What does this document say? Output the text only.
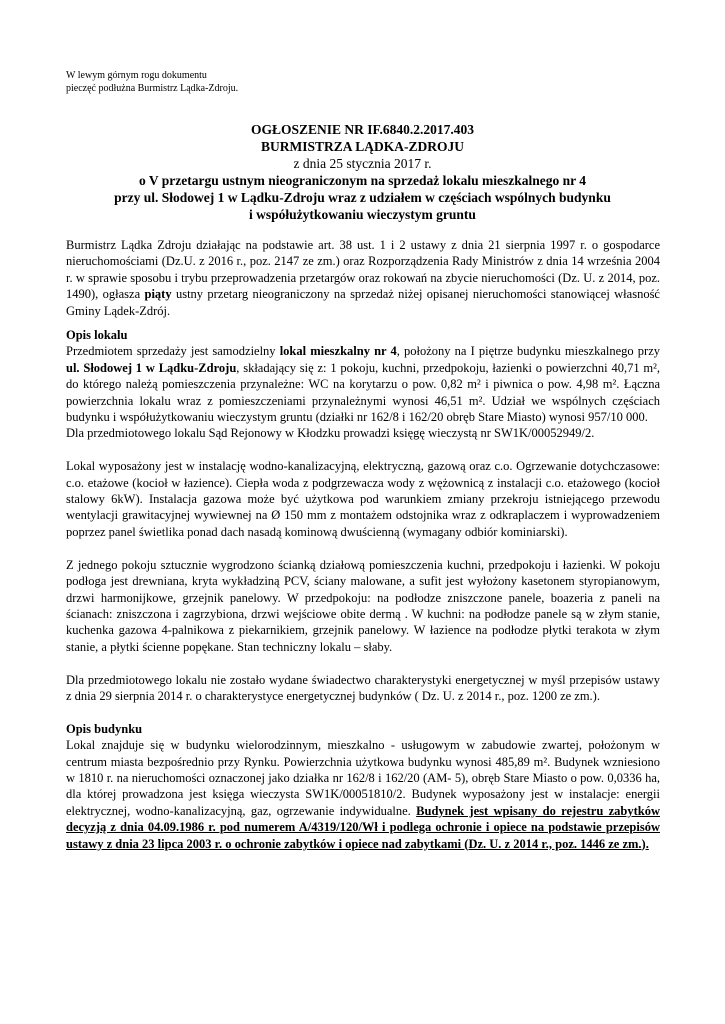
W lewym górnym rogu dokumentu
pieczęć podłużna Burmistrz Lądka-Zdroju.
OGŁOSZENIE NR IF.6840.2.2017.403
BURMISTRZA LĄDKA-ZDROJU
z dnia 25 stycznia 2017 r.
o V przetargu ustnym nieograniczonym na sprzedaż lokalu mieszkalnego nr 4
przy ul. Słodowej 1 w Lądku-Zdroju wraz z udziałem w częściach wspólnych budynku
i współużytkowaniu wieczystym gruntu

Burmistrz Lądka Zdroju działając na podstawie art. 38 ust. 1 i 2 ustawy z dnia 21 sierpnia 1997 r. o gospodarce nieruchomościami (Dz.U. z 2016 r., poz. 2147 ze zm.) oraz Rozporządzenia Rady Ministrów z dnia 14 września 2004 r. w sprawie sposobu i trybu przeprowadzenia przetargów oraz rokowań na zbycie nieruchomości (Dz. U. z 2014, poz. 1490), ogłasza piąty ustny przetarg nieograniczony na sprzedaż niżej opisanej nieruchomości stanowiącej własność Gminy Lądek-Zdrój.

Opis lokalu

Przedmiotem sprzedaży jest samodzielny lokal mieszkalny nr 4, położony na I piętrze budynku mieszkalnego przy ul. Słodowej 1 w Lądku-Zdroju, składający się z: 1 pokoju, kuchni, przedpokoju, łazienki o powierzchni 40,71 m², do którego należą pomieszczenia przynależne: WC na korytarzu o pow. 0,82 m² i piwnica o pow. 4,98 m². Łączna powierzchnia lokalu wraz z pomieszczeniami przynależnymi wynosi 46,51 m². Udział we wspólnych częściach budynku i współużytkowaniu wieczystym gruntu (działki nr 162/8 i 162/20 obręb Stare Miasto) wynosi 957/10 000.

Dla przedmiotowego lokalu Sąd Rejonowy w Kłodzku prowadzi księgę wieczystą nr SW1K/00052949/2.

Lokal wyposażony jest w instalację wodno-kanalizacyjną, elektryczną, gazową oraz c.o. Ogrzewanie dotychczasowe: c.o. etażowe (kocioł w łazience). Ciepła woda z podgrzewacza wody z wężownicą z instalacji c.o. etażowego (kocioł stalowy 6kW). Instalacja gazowa może być użytkowa pod warunkiem zmiany przekroju istniejącego przewodu wentylacji grawitacyjnej wywiewnej na Ø 150 mm z montażem odstojnika wraz z odkraplaczem i wyprowadzeniem poprzez panel świetlika ponad dach nasadą kominową dwuścienną (wymagany odbiór kominiarski).

Z jednego pokoju sztucznie wygrodzono ścianką działową pomieszczenia kuchni, przedpokoju i łazienki. W pokoju podłoga jest drewniana, kryta wykładziną PCV, ściany malowane, a sufit jest wyłożony kasetonem styropianowym, drzwi harmonijkowe, grzejnik panelowy. W przedpokoju: na podłodze zniszczone panele, boazeria z paneli na ścianach: zniszczona i zagrzybiona, drzwi wejściowe obite dermą . W kuchni: na podłodze panele są w złym stanie, kuchenka gazowa 4-palnikowa z piekarnikiem, grzejnik panelowy. W łazience na podłodze płytki terakota w złym stanie, a płytki ścienne popękane. Stan techniczny lokalu – słaby.

Dla przedmiotowego lokalu nie zostało wydane świadectwo charakterystyki energetycznej w myśl przepisów ustawy z dnia 29 sierpnia 2014 r. o charakterystyce energetycznej budynków ( Dz. U. z 2014 r., poz. 1200 ze zm.).

Opis budynku

Lokal znajduje się w budynku wielorodzinnym, mieszkalno - usługowym w zabudowie zwartej, położonym w centrum miasta bezpośrednio przy Rynku. Powierzchnia użytkowa budynku wynosi 485,89 m². Budynek wzniesiono w 1810 r. na nieruchomości oznaczonej jako działka nr 162/8 i 162/20 (AM- 5), obręb Stare Miasto o pow. 0,0336 ha, dla której prowadzona jest księga wieczysta SW1K/00051810/2. Budynek wyposażony jest w instalacje: energii elektrycznej, wodno-kanalizacyjną, gaz, ogrzewanie indywidualne. Budynek jest wpisany do rejestru zabytków decyzją z dnia 04.09.1986 r. pod numerem A/4319/120/Wł i podlega ochronie i opiece na podstawie przepisów ustawy z dnia 23 lipca 2003 r. o ochronie zabytków i opiece nad zabytkami (Dz. U. z 2014 r., poz. 1446 ze zm.).
